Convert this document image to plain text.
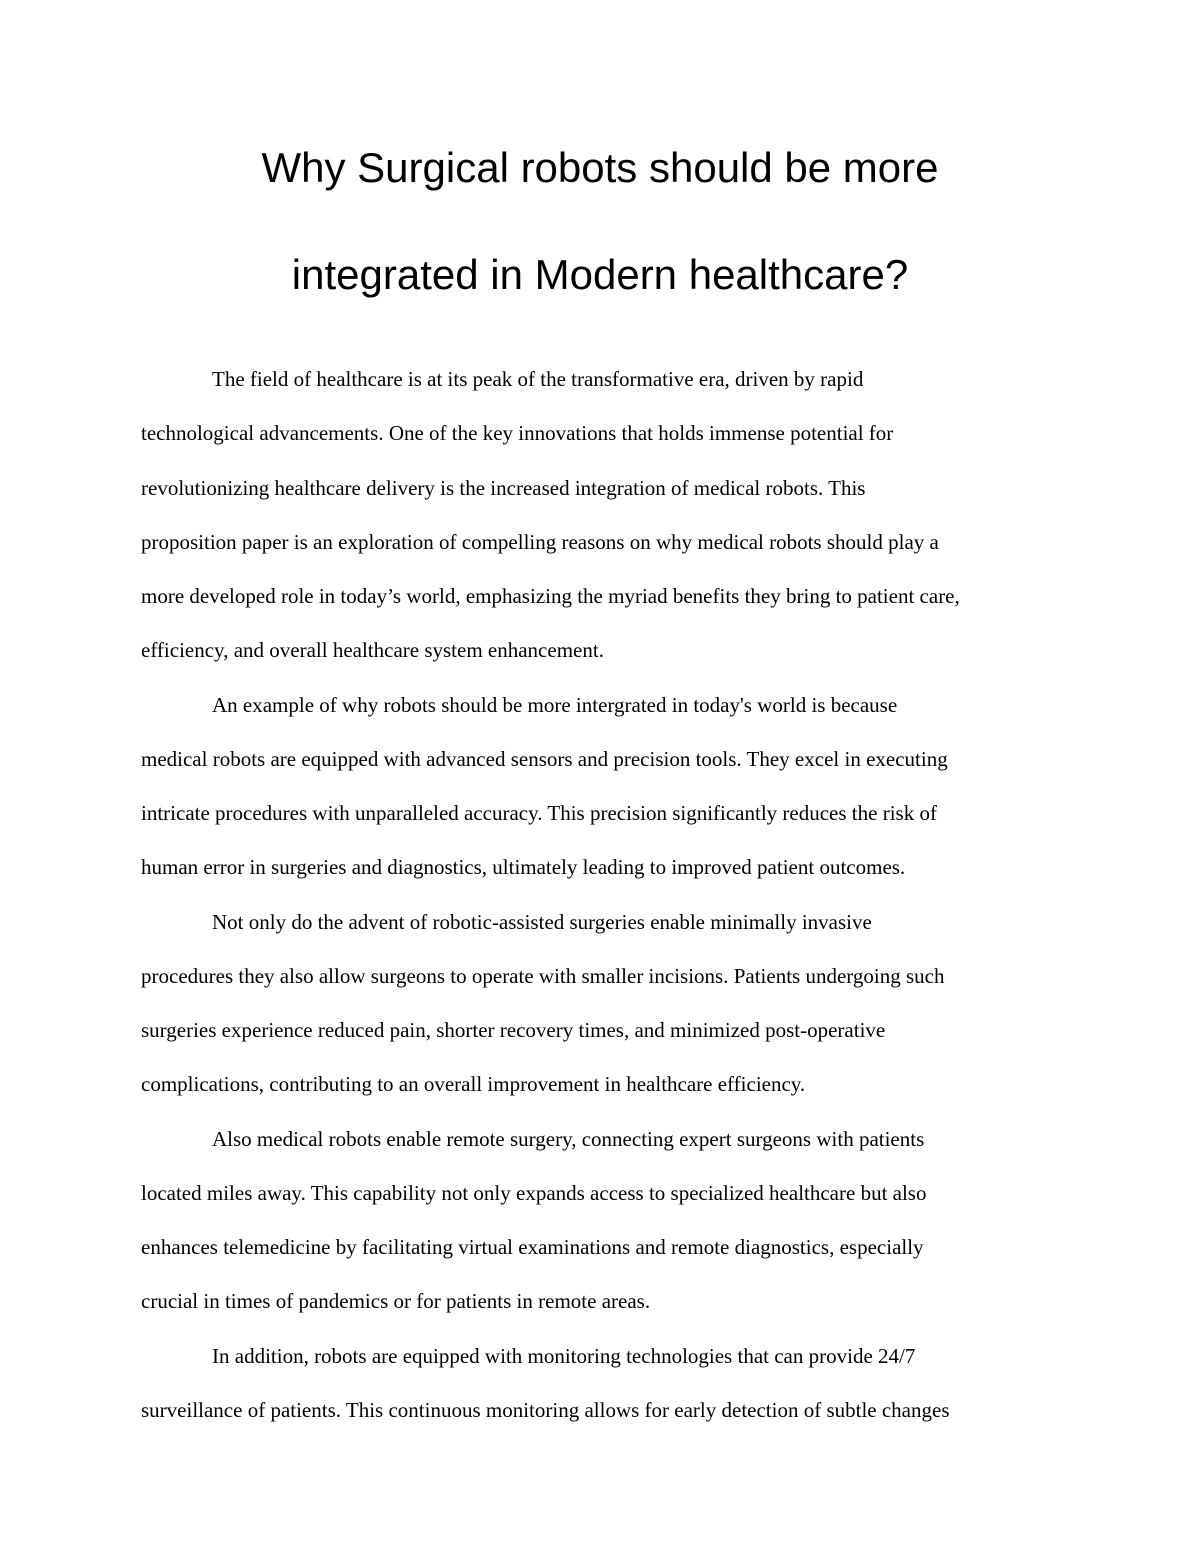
Why Surgical robots should be more
integrated in Modern healthcare?
The field of healthcare is at its peak of the transformative era, driven by rapid
technological advancements. One of the key innovations that holds immense potential for
revolutionizing healthcare delivery is the increased integration of medical robots. This
proposition paper is an exploration of compelling reasons on why medical robots should play a
more developed role in today’s world, emphasizing the myriad benefits they bring to patient care,
efficiency, and overall healthcare system enhancement.
An example of why robots should be more intergrated in today's world is because
medical robots are equipped with advanced sensors and precision tools. They excel in executing
intricate procedures with unparalleled accuracy. This precision significantly reduces the risk of
human error in surgeries and diagnostics, ultimately leading to improved patient outcomes.
Not only do the advent of robotic-assisted surgeries enable minimally invasive
procedures they also allow surgeons to operate with smaller incisions. Patients undergoing such
surgeries experience reduced pain, shorter recovery times, and minimized post-operative
complications, contributing to an overall improvement in healthcare efficiency.
Also medical robots enable remote surgery, connecting expert surgeons with patients
located miles away. This capability not only expands access to specialized healthcare but also
enhances telemedicine by facilitating virtual examinations and remote diagnostics, especially
crucial in times of pandemics or for patients in remote areas.
In addition, robots are equipped with monitoring technologies that can provide 24/7
surveillance of patients. This continuous monitoring allows for early detection of subtle changes
